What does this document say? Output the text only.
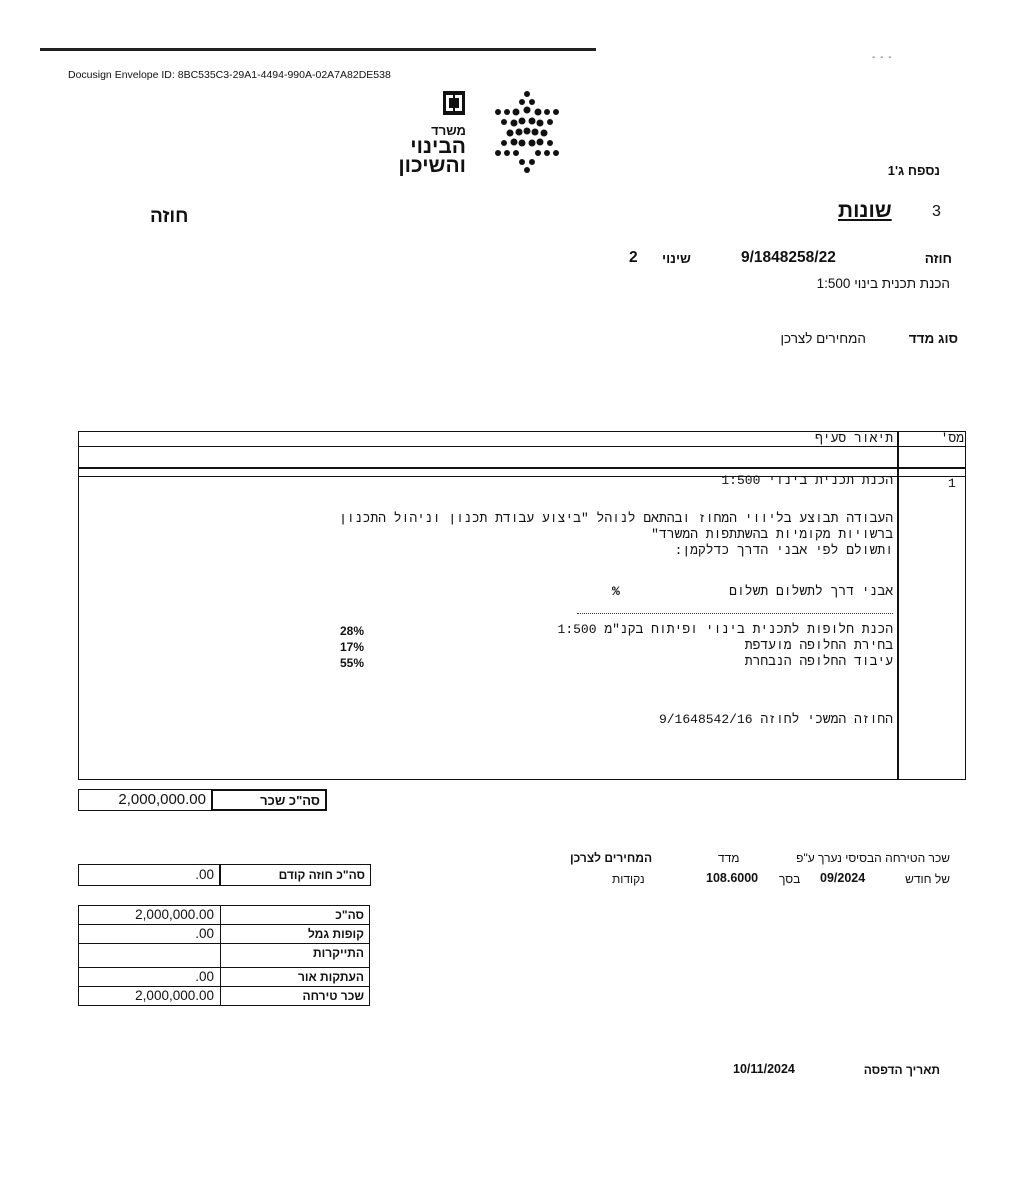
- - -
Docusign Envelope ID: 8BC535C3-29A1-4494-990A-02A7A82DE538
משרד
הבינוי
והשיכון	נספח ג'1
חוזה	3
שונות
חוזה
9/1848258/22
שינוי
2
הכנת תכנית בינוי 1:500
סוג מדד
המחירים לצרכן
מס'
תיאור סעיף
1
הכנת תכנית בינוי 1:500
העבודה תבוצע בליווי המחוז ובהתאם לנוהל "ביצוע עבודת תכנון וניהול התכנון
ברשויות מקומיות בהשתתפות המשרד"
ותשולם לפי אבני הדרך כדלקמן:
אבני דרך לתשלום תשלום
%
הכנת חלופות לתכנית בינוי ופיתוח בקנ"מ 1:500
28%
בחירת החלופה מועדפת
17%
עיבוד החלופה הנבחרת
55%
החוזה המשכי לחוזה 9/1648542/16
2,000,000.00	סה"כ שכר
שכר הטירחה הבסיסי נערך ע"פ
מדד
המחירים לצרכן
של חודש
09/2024
בסך
108.6000
נקודות
.00	סה"כ חוזה קודם
2,000,000.00	סה"כ
.00	קופות גמל
התייקרות
.00	העתקות אור
2,000,000.00	שכר טירחה
תאריך הדפסה
10/11/2024
